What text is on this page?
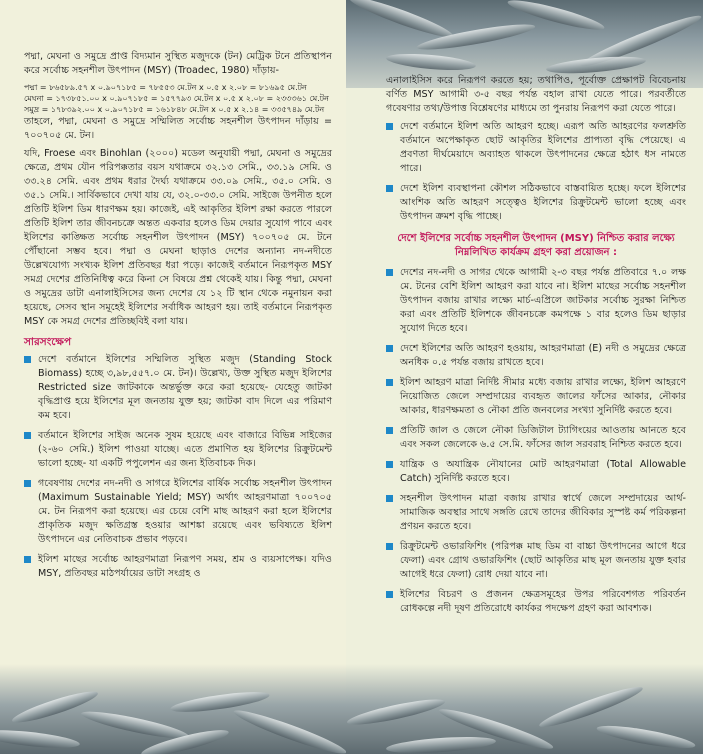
পদ্মা, মেঘনা ও সমুদ্রে প্রাপ্ত বিদ্যমান সুস্থিত মজুদকে (টন) মেট্রিক টনে প্রতিস্থাপন করে সর্বোচ্চ সহনশীল উৎপাদন (MSY) (Troadec, 1980) দাঁড়ায়-

পদ্মা = ৮৬৫৮৯.৫৭ x ০.৯০৭১৮৫ = ৭৮৫৫৩ মে.টন x ০.৫ x ২.০৮ = ৮১৬৯৫ মে.টন

মেঘনা = ১৭৩৮৫১.০০ x ০.৯০৭১৮৫ = ১৫৭৭৯৩ মে.টন x ০.৫ x ২.০৮ = ২৩৩৩৬১ মে.টন

সমুদ্র = ১৭৮৩৯২.০০ x ০.৯০৭১৮৫ = ১৬১৮৪৮ মে.টন x ০.৫ x ২.১৪ = ৩৩৫৭৪৯ মে.টন

তাহলে, পদ্মা, মেঘনা ও সমুদ্রে সম্মিলিত সর্বোচ্চ সহনশীল উৎপাদন দাঁড়ায় = ৭০০৭০৫ মে. টন।

যদি, Froese এবং Binohlan (২০০০) মডেল অনুযায়ী পদ্মা, মেঘনা ও সমুদ্রের ক্ষেত্রে, প্রথম যৌন পরিপক্কতার বয়স যথাক্রমে ৩২.১৩ সেমি., ৩৩.১৯ সেমি. ও ৩৩.২৪ সেমি. এবং প্রথম ধরার দৈর্ঘ্য যথাক্রমে ৩৩.০৯ সেমি., ৩৫.০ সেমি. ও ৩৫.১ সেমি.। সার্বিকভাবে দেখা যায় যে, ৩২.০-৩৩.০ সেমি. সাইজে উপনীত হলে প্রতিটি ইলিশ ডিম ধারণক্ষম হয়। কাজেই, এই আকৃতির ইলিশ রক্ষা করতে পারলে প্রতিটি ইলিশ তার জীবনচক্রে অন্তত একবার হলেও ডিম দেয়ার সুযোগ পাবে এবং ইলিশের কাঙ্ক্ষিত সর্বোচ্চ সহনশীল উৎপাদন (MSY) ৭০০৭০৫ মে. টনে পৌঁছানো সম্ভব হবে। পদ্মা ও মেঘনা ছাড়াও দেশের অন্যান্য নদ-নদীতে উল্লেখযোগ্য সংখ্যক ইলিশ প্রতিবছর ধরা পড়ে। কাজেই বর্তমানে নিরূপকৃত MSY সমগ্র দেশের প্রতিনিধিত্ব করে কিনা সে বিষয়ে প্রশ্ন থেকেই যায়। কিন্তু পদ্মা, মেঘনা ও সমুদ্রের ডাটা এনালাইসিসের জন্য দেশের যে ১২ টি স্থান থেকে নমুনায়ন করা হয়েছে, সেসব স্থান সমূহেই ইলিশের সর্বাধিক আহরণ হয়। তাই বর্তমানে নিরূপকৃত MSY কে সমগ্র দেশের প্রতিচ্ছবিই বলা যায়।

সারসংক্ষেপ
দেশে বর্তমানে ইলিশের সম্মিলিত সুস্থিত মজুদ (Standing Stock Biomass) হচ্ছে ৩,৯৮,৫৫৭.০ মে. টন)। উল্লেখ্য, উক্ত সুস্থিত মজুদ ইলিশের Restricted size জাটকাকে অন্তর্ভুক্ত করে করা হয়েছে- যেহেতু জাটকা বৃদ্ধিপ্রাপ্ত হয়ে ইলিশের মূল জনতায় যুক্ত হয়; জাটকা বাদ দিলে এর পরিমাণ কম হবে।
বর্তমানে ইলিশের সাইজ অনেক সুষম হয়েছে এবং বাজারে বিভিন্ন সাইজের (২-৬০ সেমি.) ইলিশ পাওয়া যাচ্ছে। এতে প্রমাণিত হয় ইলিশের রিক্রুটমেন্ট ভালো হচ্ছে- যা একটি পপুলেশন এর জন্য ইতিবাচক দিক।
গবেষণায় দেশের নদ-নদী ও সাগরে ইলিশের বার্ষিক সর্বোচ্চ সহনশীল উৎপাদন (Maximum Sustainable Yield; MSY) অর্থাৎ আহরণমাত্রা ৭০০৭০৫ মে. টন নিরূপণ করা হয়েছে। এর চেয়ে বেশি মাছ আহরণ করা হলে ইলিশের প্রাকৃতিক মজুদ ক্ষতিগ্রস্ত হওয়ার আশঙ্কা রয়েছে এবং ভবিষ্যতে ইলিশ উৎপাদনে এর নেতিবাচক প্রভাব পড়বে।
ইলিশ মাছের সর্বোচ্চ আহরণমাত্রা নিরূপণ সময়, শ্রম ও ব্যয়সাপেক্ষ। যদিও MSY, প্রতিবছর মাঠপর্যায়ের ডাটা সংগ্রহ ও

এনালাইসিস করে নিরূপণ করতে হয়; তথাপিও, পূর্বোক্ত প্রেক্ষাপট বিবেচনায় বর্ণিত MSY আগামী ৩-৫ বছর পর্যন্ত বহাল রাখা যেতে পারে। পরবর্তীতে গবেষণার তথ্য/উপাত্ত বিশ্লেষণের মাধ্যমে তা পুনরায় নিরূপণ করা যেতে পারে।

দেশে বর্তমানে ইলিশ অতি আহরণ হচ্ছে। এরূপ অতি আহরণের ফলশ্রুতি বর্তমানে অপেক্ষাকৃত ছোট আকৃতির ইলিশের প্রাপ্যতা বৃদ্ধি পেয়েছে। এ প্রবণতা দীর্ঘমেয়াদে অব্যাহত থাকলে উৎপাদনের ক্ষেত্রে হঠাৎ ধস নামতে পারে।
দেশে ইলিশ ব্যবস্থাপনা কৌশল সঠিকভাবে বাস্তবায়িত হচ্ছে। ফলে ইলিশের আংশিক অতি আহরণ সত্ত্বেও ইলিশের রিক্রুটমেন্ট ভালো হচ্ছে এবং উৎপাদন ক্রমশ বৃদ্ধি পাচ্ছে।
দেশে ইলিশের সর্বোচ্চ সহনশীল উৎপাদন (MSY) নিশ্চিত করার লক্ষ্যে নিম্নলিখিত কার্যক্রম গ্রহণ করা প্রয়োজন :
দেশের নদ-নদী ও সাগর থেকে আগামী ২-৩ বছর পর্যন্ত প্রতিবারে ৭.০ লক্ষ মে. টনের বেশি ইলিশ আহরণ করা যাবে না। ইলিশ মাছের সর্বোচ্চ সহনশীল উৎপাদন বজায় রাখার লক্ষ্যে মার্চ-এপ্রিলে জাটকার সর্বোচ্চ সুরক্ষা নিশ্চিত করা এবং প্রতিটি ইলিশকে জীবনচক্রে কমপক্ষে ১ বার হলেও ডিম ছাড়ার সুযোগ দিতে হবে।
দেশে ইলিশের অতি আহরণ হওয়ায়, আহরণমাত্রা (E) নদী ও সমুদ্রের ক্ষেত্রে অনধিক ০.৫ পর্যন্ত বজায় রাখতে হবে।
ইলিশ আহরণ মাত্রা নির্দিষ্ট সীমার মধ্যে বজায় রাখার লক্ষ্যে, ইলিশ আহরণে নিয়োজিত জেলে সম্প্রদায়ের ব্যবহৃত জালের ফাঁসের আকার, নৌকার আকার, ধারণক্ষমতা ও নৌকা প্রতি জনবলের সংখ্যা সুনির্দিষ্ট করতে হবে।
প্রতিটি জাল ও জেলে নৌকা ডিজিটাল ট্যাগিংয়ের আওতায় আনতে হবে এবং সকল জেলেকে ৬.৫ সে.মি. ফাঁসের জাল সরবরাহ নিশ্চিত করতে হবে।
যান্ত্রিক ও অযান্ত্রিক নৌযানের মোট আহরণমাত্রা (Total Allowable Catch) সুনির্দিষ্ট করতে হবে।
সহনশীল উৎপাদন মাত্রা বজায় রাখার স্বার্থে জেলে সম্প্রদায়ের আর্থ-সামাজিক অবস্থার সাথে সঙ্গতি রেখে তাদের জীবিকার সুস্পষ্ট কর্ম পরিকল্পনা প্রণয়ন করতে হবে।
রিক্রুটমেন্ট ওভারফিশিং (পরিপক্ক মাছ ডিম বা বাচ্চা উৎপাদনের আগে ধরে ফেলা) এবং গ্রোথ ওভারফিশিং (ছোট আকৃতির মাছ মূল জনতায় যুক্ত হবার আগেই ধরে ফেলা) রোধ দেয়া যাবে না।
ইলিশের বিচরণ ও প্রজনন ক্ষেত্রসমূহের উপর পরিবেশগত পরিবর্তন রোধকল্পে নদী দূষণ প্রতিরোধে কার্যকর পদক্ষেপ গ্রহণ করা আবশ্যক।
